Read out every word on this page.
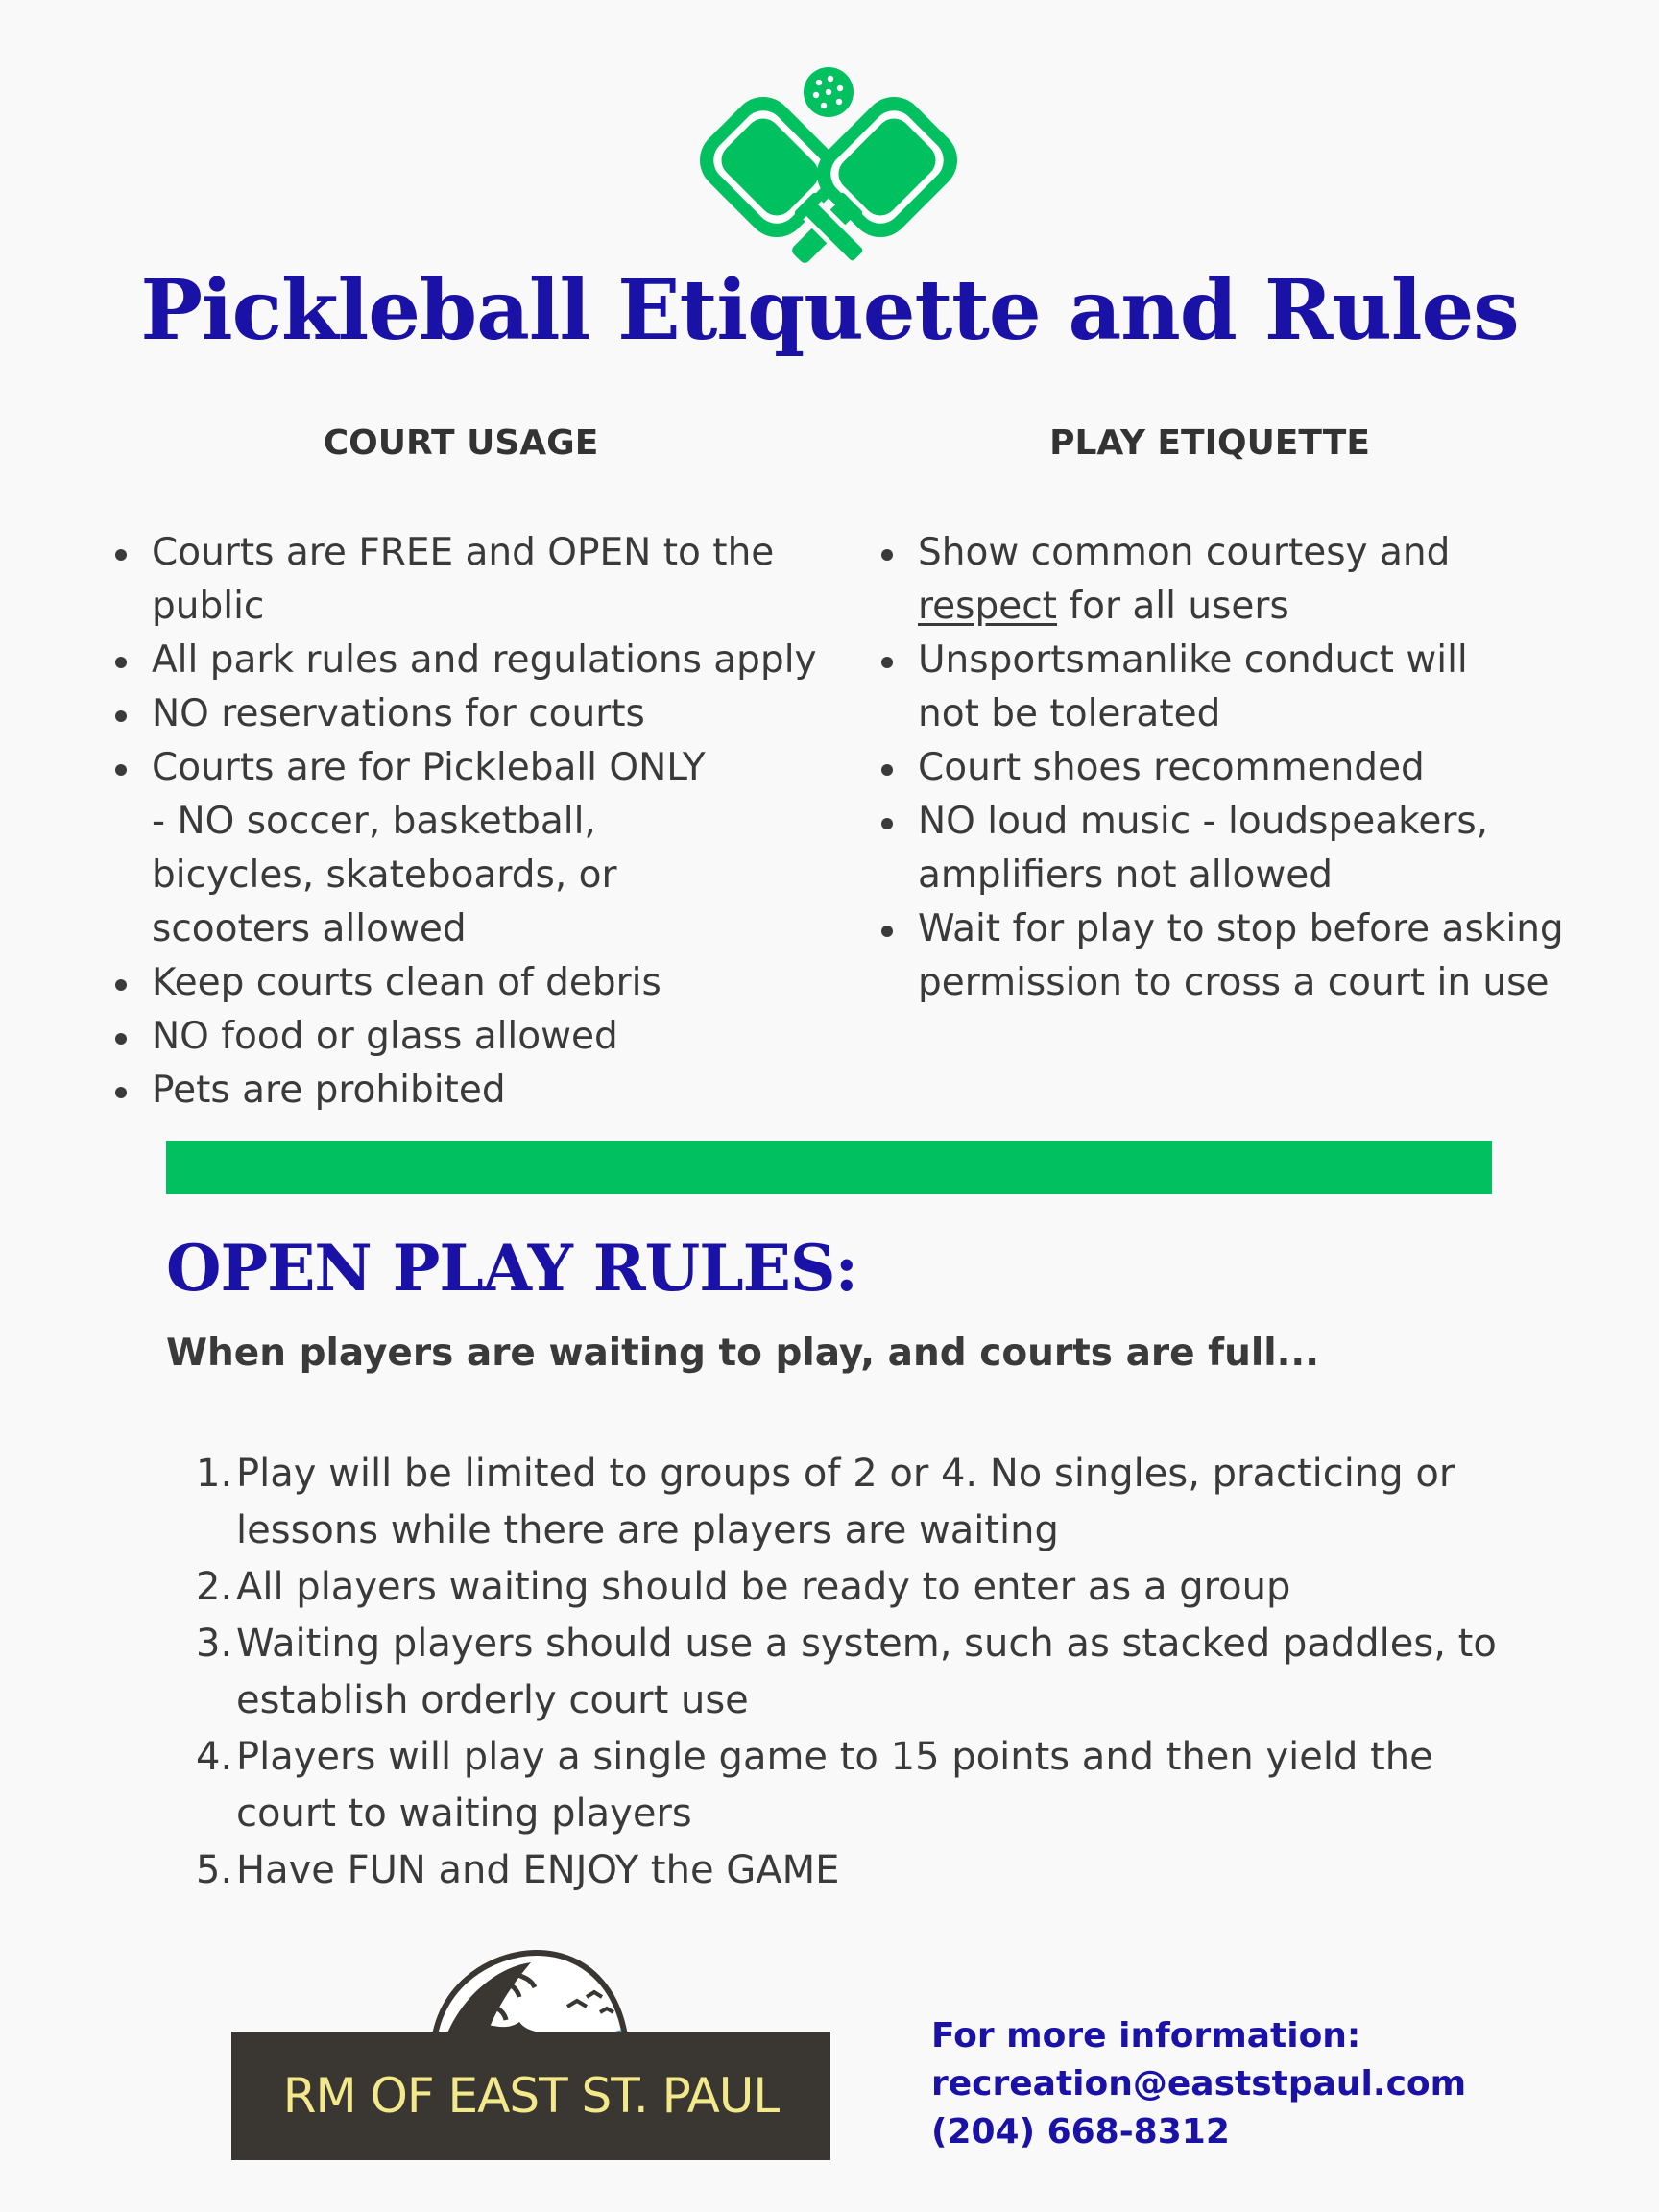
Pickleball Etiquette and Rules
COURT USAGE	PLAY ETIQUETTE
Courts are FREE and OPEN to the public
All park rules and regulations apply
NO reservations for courts
Courts are for Pickleball ONLY - NO soccer, basketball, bicycles, skateboards, or scooters allowed
Keep courts clean of debris
NO food or glass allowed
Pets are prohibited
Show common courtesy and
respect for all users
Unsportsmanlike conduct will not be tolerated
Court shoes recommended
NO loud music - loudspeakers, amplifiers not allowed
Wait for play to stop before asking permission to cross a court in use
OPEN PLAY RULES:
When players are waiting to play, and courts are full...
1. Play will be limited to groups of 2 or 4. No singles, practicing or lessons while there are players are waiting
2. All players waiting should be ready to enter as a group
3. Waiting players should use a system, such as stacked paddles, to establish orderly court use
4. Players will play a single game to 15 points and then yield the court to waiting players
5. Have FUN and ENJOY the GAME
RM OF EAST ST. PAUL
For more information:
recreation@eaststpaul.com
(204) 668-8312
